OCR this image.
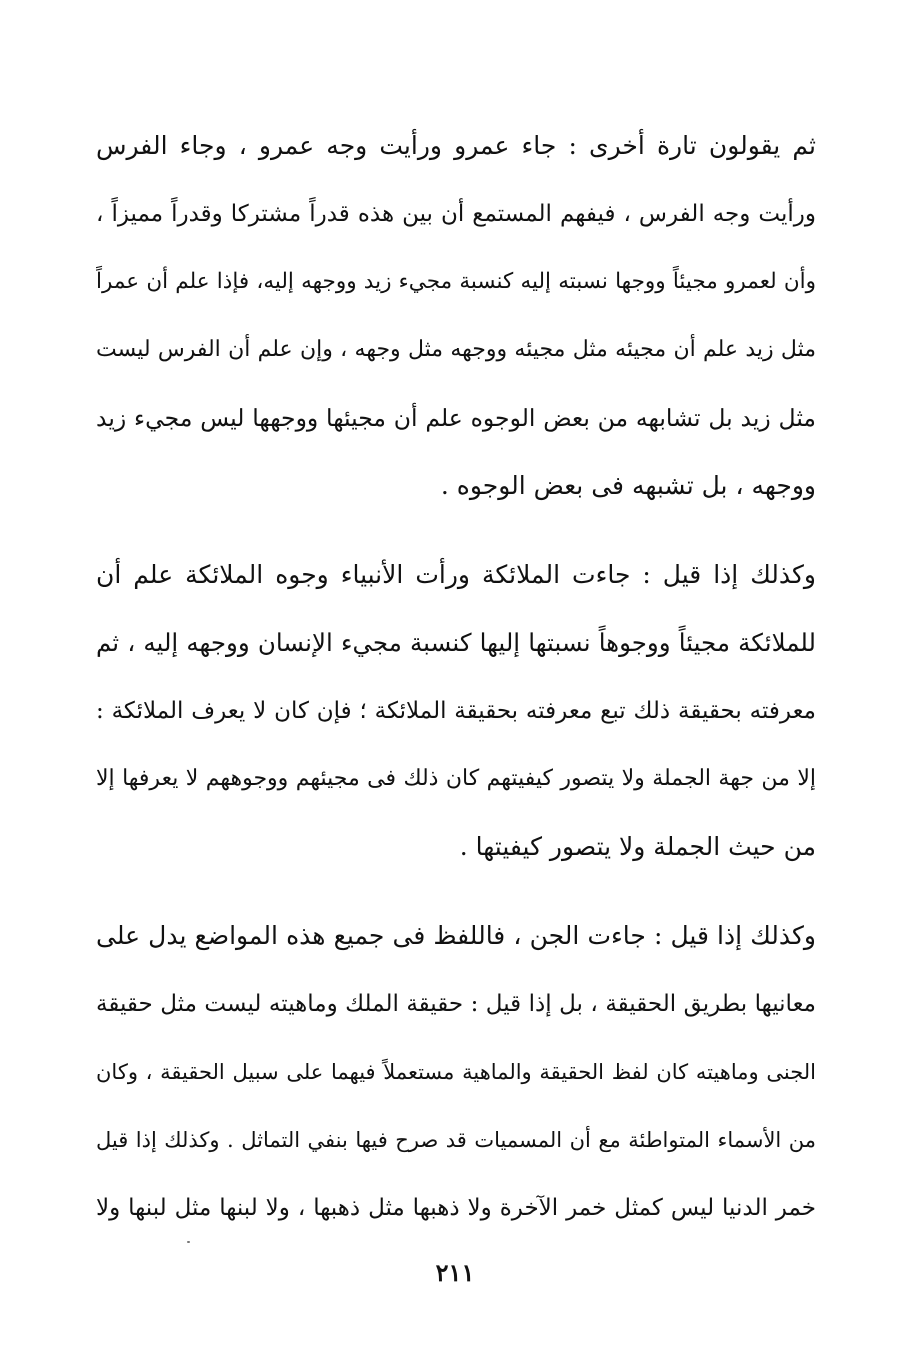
ثم يقولون تارة أخرى : جاء عمرو ورأيت وجه عمرو ، وجاء الفرس
ورأيت وجه الفرس ، فيفهم المستمع أن بين هذه قدراً مشتركا وقدراً مميزاً ،
وأن لعمرو مجيئاً ووجها نسبته إليه كنسبة مجيء زيد ووجهه إليه، فإذا علم أن عمراً
مثل زيد علم أن مجيئه مثل مجيئه ووجهه مثل وجهه ، وإن علم أن الفرس ليست
مثل زيد بل تشابهه من بعض الوجوه علم أن مجيئها ووجهها ليس مجيء زيد
ووجهه ، بل تشبهه فى بعض الوجوه .
وكذلك إذا قيل : جاءت الملائكة ورأت الأنبياء وجوه الملائكة علم أن
للملائكة مجيئاً ووجوهاً نسبتها إليها كنسبة مجيء الإنسان ووجهه إليه ، ثم
معرفته بحقيقة ذلك تبع معرفته بحقيقة الملائكة ؛ فإن كان لا يعرف الملائكة :
إلا من جهة الجملة ولا يتصور كيفيتهم كان ذلك فى مجيئهم ووجوههم لا يعرفها إلا
من حيث الجملة ولا يتصور كيفيتها .
وكذلك إذا قيل : جاءت الجن ، فاللفظ فى جميع هذه المواضع يدل على
معانيها بطريق الحقيقة ، بل إذا قيل : حقيقة الملك وماهيته ليست مثل حقيقة
الجنى وماهيته كان لفظ الحقيقة والماهية مستعملاً فيهما على سبيل الحقيقة ، وكان
من الأسماء المتواطئة مع أن المسميات قد صرح فيها بنفي التماثل . وكذلك إذا قيل
خمر الدنيا ليس كمثل خمر الآخرة ولا ذهبها مثل ذهبها ، ولا لبنها مثل لبنها ولا
٢١١
